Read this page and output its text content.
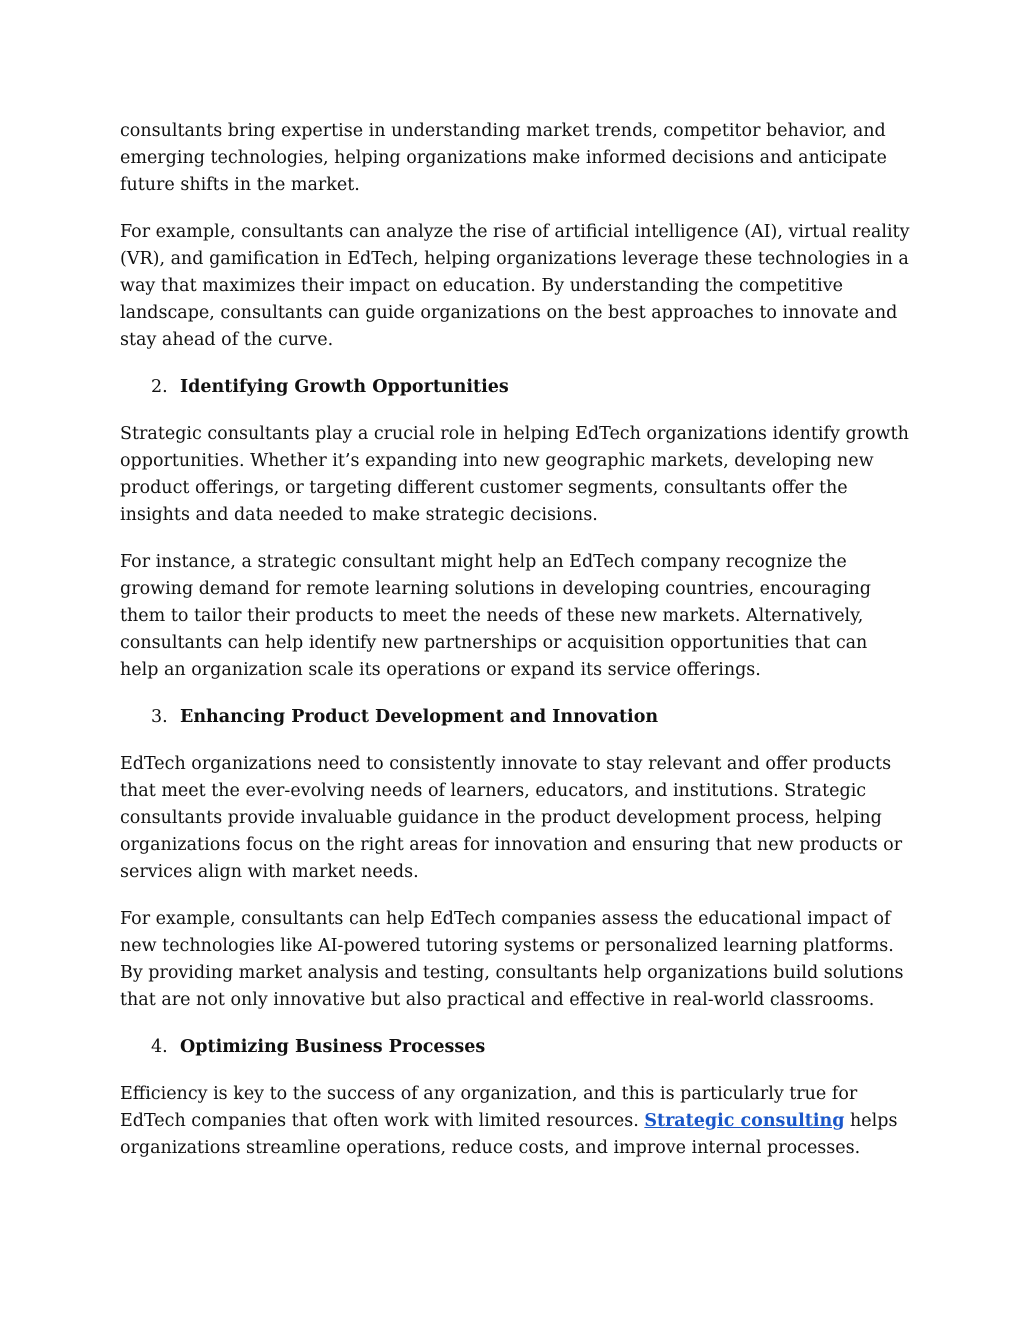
consultants bring expertise in understanding market trends, competitor behavior, and emerging technologies, helping organizations make informed decisions and anticipate future shifts in the market.

For example, consultants can analyze the rise of artificial intelligence (AI), virtual reality (VR), and gamification in EdTech, helping organizations leverage these technologies in a way that maximizes their impact on education. By understanding the competitive landscape, consultants can guide organizations on the best approaches to innovate and stay ahead of the curve.

2. Identifying Growth Opportunities

Strategic consultants play a crucial role in helping EdTech organizations identify growth opportunities. Whether it’s expanding into new geographic markets, developing new product offerings, or targeting different customer segments, consultants offer the insights and data needed to make strategic decisions.

For instance, a strategic consultant might help an EdTech company recognize the growing demand for remote learning solutions in developing countries, encouraging them to tailor their products to meet the needs of these new markets. Alternatively, consultants can help identify new partnerships or acquisition opportunities that can help an organization scale its operations or expand its service offerings.

3. Enhancing Product Development and Innovation

EdTech organizations need to consistently innovate to stay relevant and offer products that meet the ever-evolving needs of learners, educators, and institutions. Strategic consultants provide invaluable guidance in the product development process, helping organizations focus on the right areas for innovation and ensuring that new products or services align with market needs.

For example, consultants can help EdTech companies assess the educational impact of new technologies like AI-powered tutoring systems or personalized learning platforms. By providing market analysis and testing, consultants help organizations build solutions that are not only innovative but also practical and effective in real-world classrooms.

4. Optimizing Business Processes

Efficiency is key to the success of any organization, and this is particularly true for EdTech companies that often work with limited resources. Strategic consulting helps organizations streamline operations, reduce costs, and improve internal processes.
